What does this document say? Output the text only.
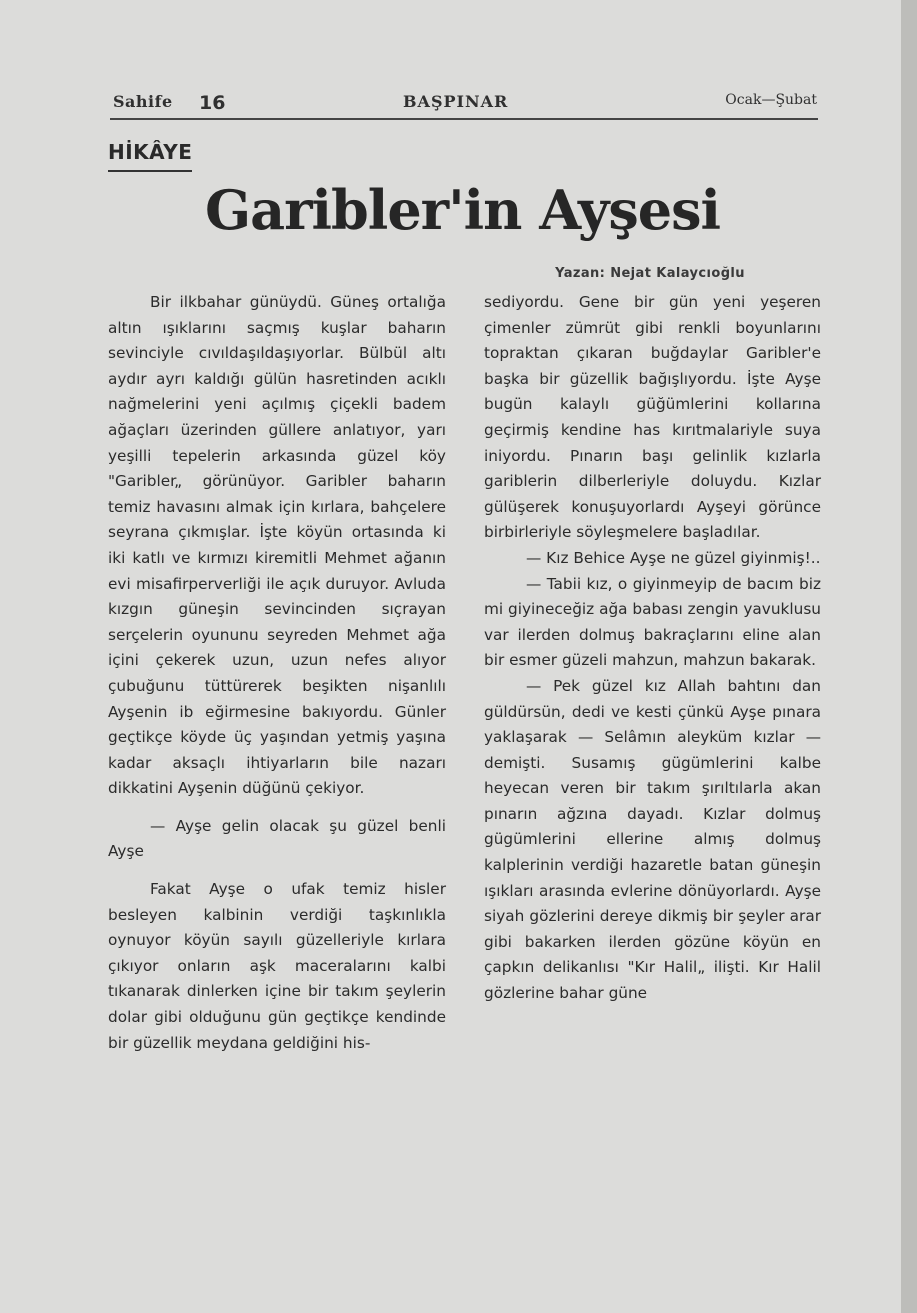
Sahife 16	BAŞPINAR	Ocak—Şubat
HİKÂYE
Garibler'in Ayşesi
Yazan: Nejat Kalaycıoğlu

Bir ilkbahar günüydü. Güneş ortalığa altın ışıklarını saçmış kuşlar baharın sevinciyle cıvıldaşıldaşıyorlar. Bülbül altı aydır ayrı kaldığı gülün hasretinden acıklı nağmelerini yeni açılmış çiçekli badem ağaçları üzerinden güllere anlatıyor, yarı yeşilli tepelerin arkasında güzel köy "Garibler„ görünüyor. Garibler baharın temiz havasını almak için kırlara, bahçelere seyrana çıkmışlar. İşte köyün ortasında ki iki katlı ve kırmızı kiremitli Mehmet ağanın evi misafirperverliği ile açık duruyor. Avluda kızgın güneşin sevincinden sıçrayan serçelerin oyununu seyreden Mehmet ağa içini çekerek uzun, uzun nefes alıyor çubuğunu tüttürerek beşikten nişanlılı Ayşenin ib eğirmesine bakıyordu. Günler geçtikçe köyde üç yaşından yetmiş yaşına kadar aksaçlı ihtiyarların bile nazarı dikkatini Ayşenin düğünü çekiyor.

— Ayşe gelin olacak şu güzel benli Ayşe

Fakat Ayşe o ufak temiz hisler besleyen kalbinin verdiği taşkınlıkla oynuyor köyün sayılı güzelleriyle kırlara çıkıyor onların aşk maceralarını kalbi tıkanarak dinlerken içine bir takım şeylerin dolar gibi olduğunu gün geçtikçe kendinde bir güzellik meydana geldiğini his-

sediyordu. Gene bir gün yeni yeşeren çimenler zümrüt gibi renkli boyunlarını topraktan çıkaran buğdaylar Garibler'e başka bir güzellik bağışlıyordu. İşte Ayşe bugün kalaylı güğümlerini kollarına geçirmiş kendine has kırıtmalariyle suya iniyordu. Pınarın başı gelinlik kızlarla gariblerin dilberleriyle doluydu. Kızlar gülüşerek konuşuyorlardı Ayşeyi görünce birbirleriyle söyleşmelere başladılar.

— Kız Behice Ayşe ne güzel giyinmiş!..

— Tabii kız, o giyinmeyip de bacım biz mi giyineceğiz ağa babası zengin yavuklusu var ilerden dolmuş bakraçlarını eline alan bir esmer güzeli mahzun, mahzun bakarak.

— Pek güzel kız Allah bahtını dan güldürsün, dedi ve kesti çünkü Ayşe pınara yaklaşarak — Selâmın aleyküm kızlar — demişti. Susamış gügümlerini kalbe heyecan veren bir takım şırıltılarla akan pınarın ağzına dayadı. Kızlar dolmuş gügümlerini ellerine almış dolmuş kalplerinin verdiği hazaretle batan güneşin ışıkları arasında evlerine dönüyorlardı. Ayşe siyah gözlerini dereye dikmiş bir şeyler arar gibi bakarken ilerden gözüne köyün en çapkın delikanlısı "Kır Halil„ ilişti. Kır Halil gözlerine bahar güne
